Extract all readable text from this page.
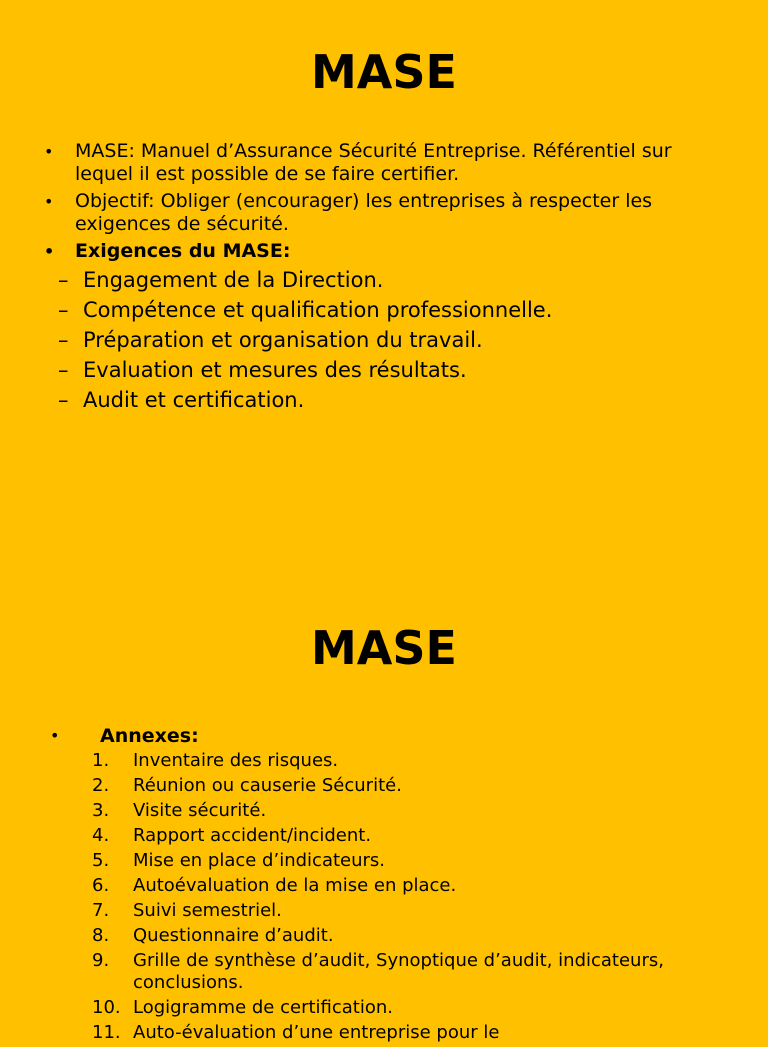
MASE
• MASE: Manuel d’Assurance Sécurité Entreprise. Référentiel sur lequel il est possible de se faire certifier.
• Objectif: Obliger (encourager) les entreprises à respecter les exigences de sécurité.
• Exigences du MASE:
– Engagement de la Direction.
– Compétence et qualification professionnelle.
– Préparation et organisation du travail.
– Evaluation et mesures des résultats.
– Audit et certification.
MASE
• Annexes:
1. Inventaire des risques.
2. Réunion ou causerie Sécurité.
3. Visite sécurité.
4. Rapport accident/incident.
5. Mise en place d’indicateurs.
6. Autoévaluation de la mise en place.
7. Suivi semestriel.
8. Questionnaire d’audit.
9. Grille de synthèse d’audit, Synoptique d’audit, indicateurs, conclusions.
10. Logigramme de certification.
11. Auto-évaluation d’une entreprise pour le
